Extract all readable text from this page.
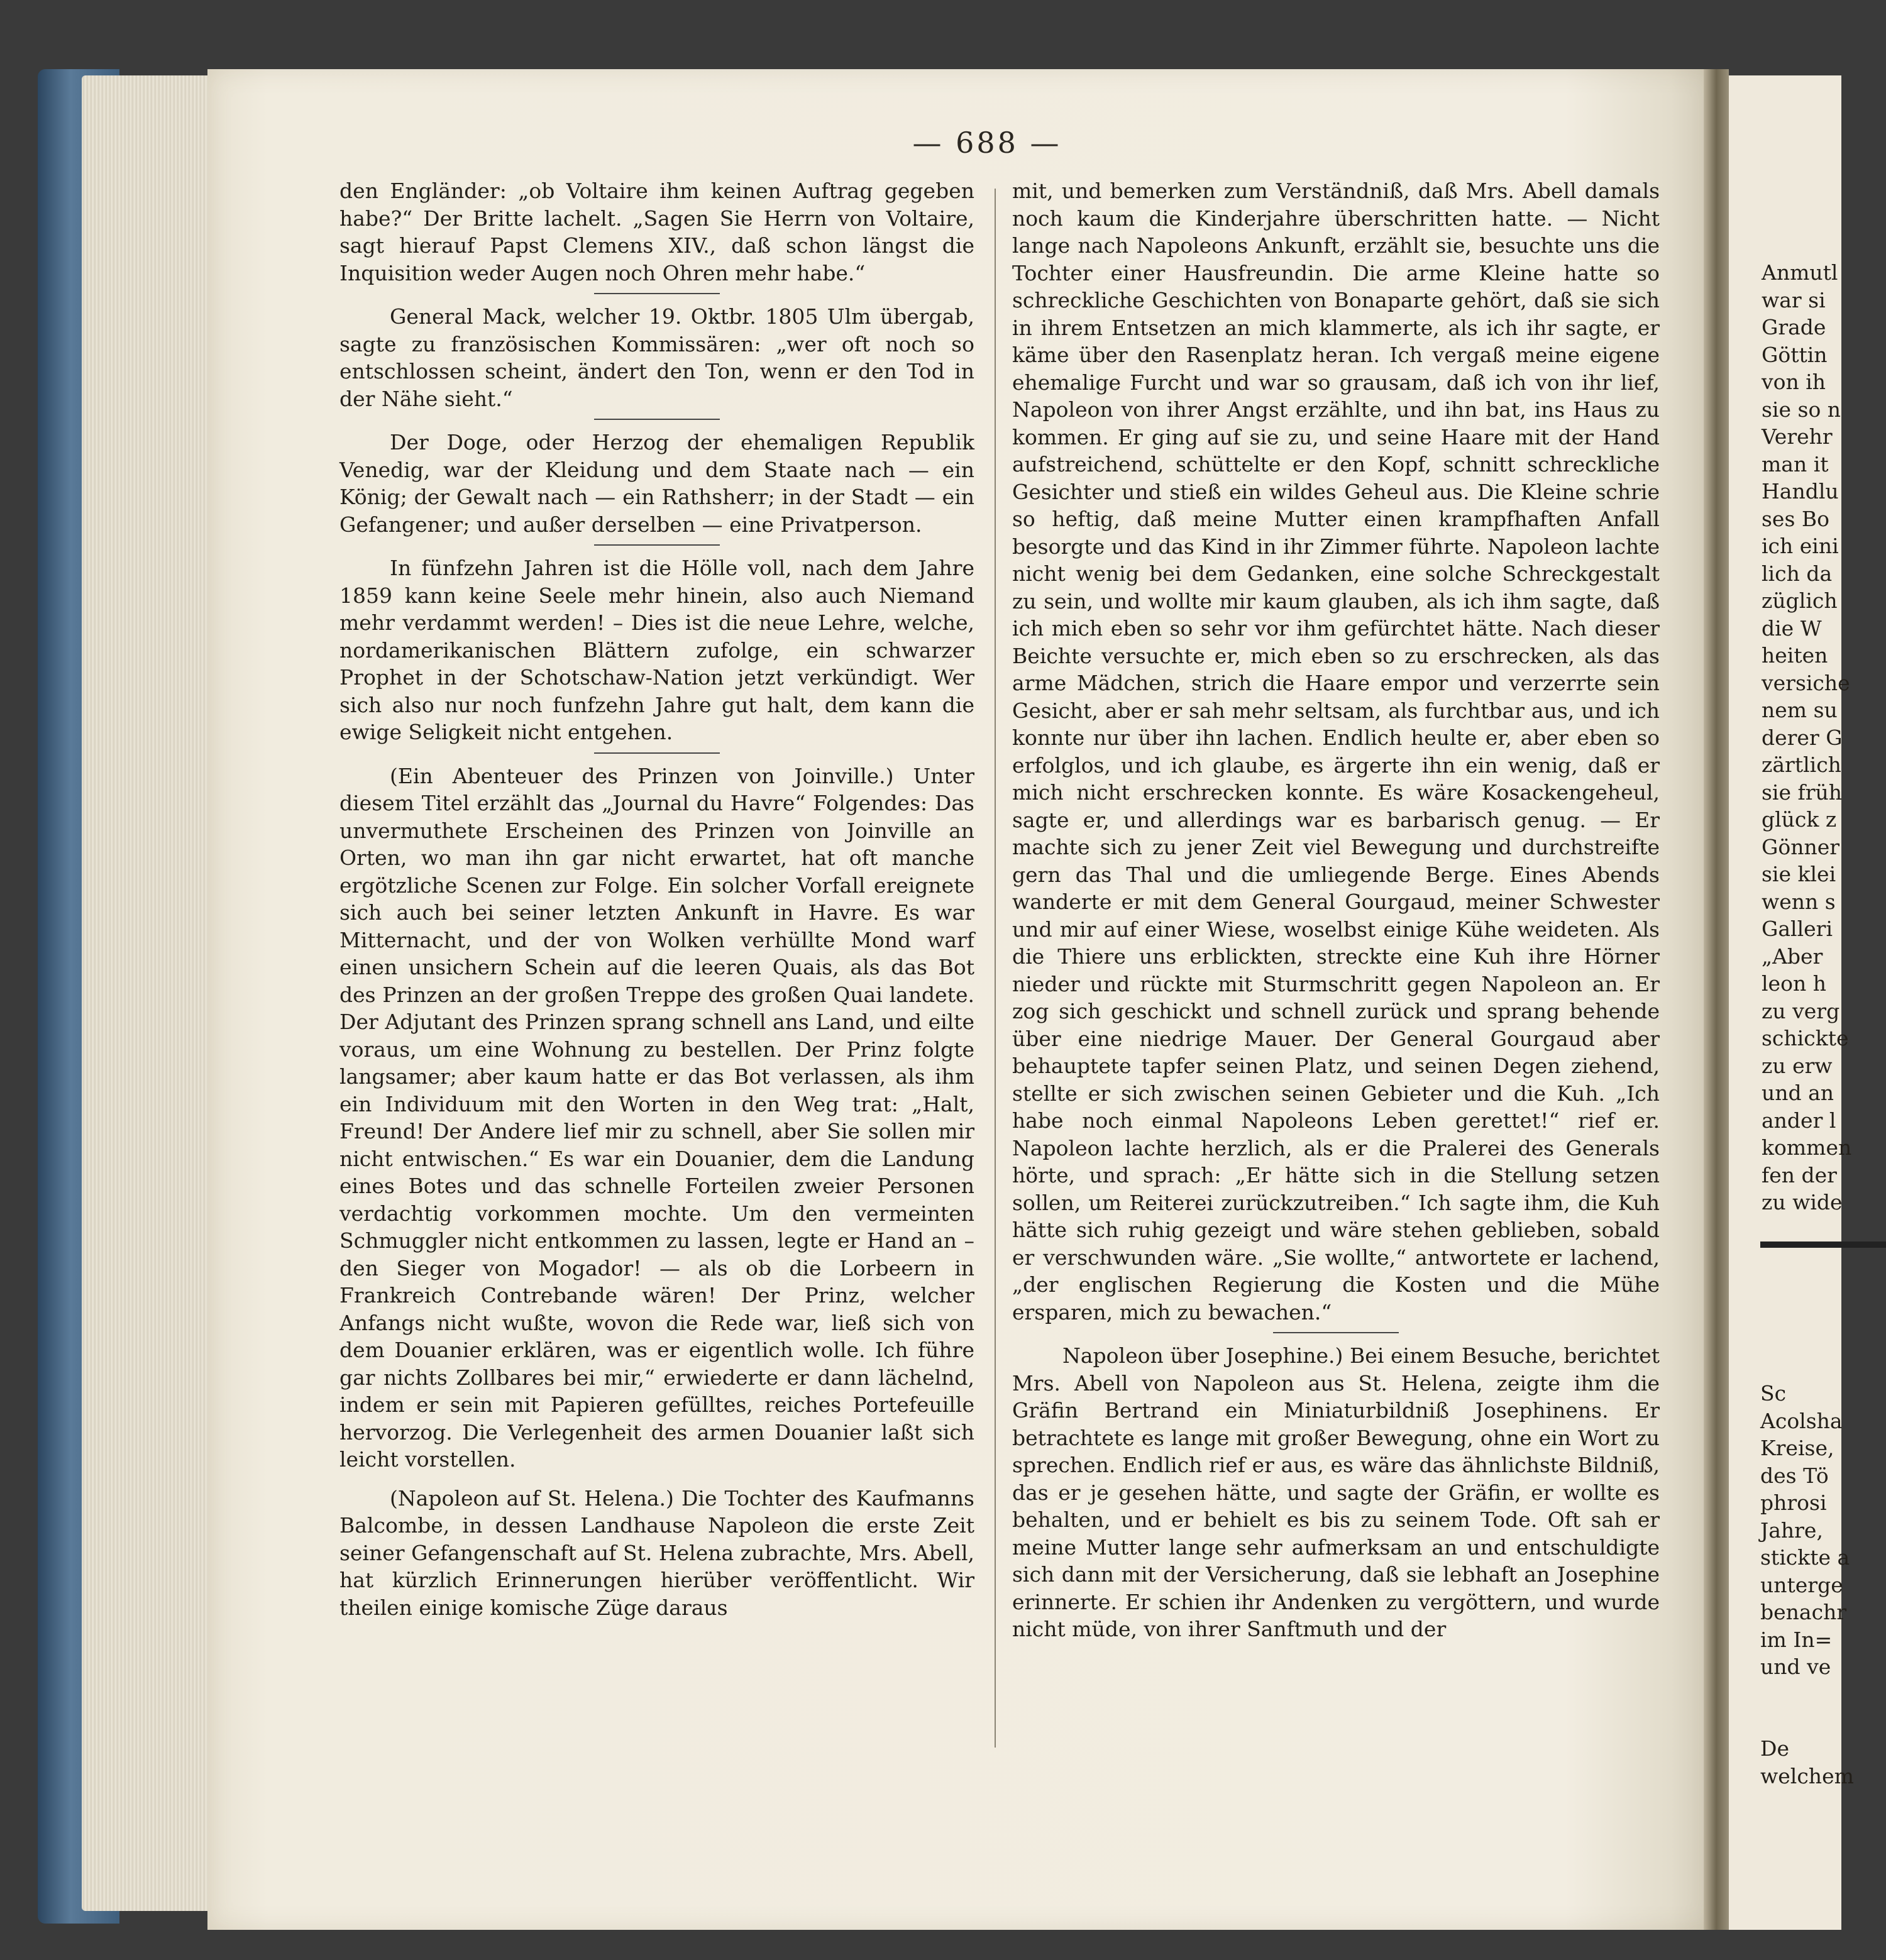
Anmutl
war si
Grade
Göttin
von ih
sie so n
Verehr
man it
Handlu
ses Bo
ich eini
lich da
züglich
die W
heiten
versiche
nem su
derer G
zärtlich
sie früh
glück z
Gönner
sie klei
wenn s
Galleri
„Aber
leon h
zu verg
schickte
zu erw
und an
ander l
kommen
fen der
zu wide
Sc
Acolsha
Kreise,
des Tö
phrosi
Jahre,
stickte a
unterge
benachr
im In=
und ve
De
welchem
— 688 —

den Engländer: „ob Voltaire ihm keinen Auftrag gegeben habe?“ Der Britte lachelt. „Sagen Sie Herrn von Voltaire, sagt hierauf Papst Clemens XIV., daß schon längst die Inquisition weder Augen noch Ohren mehr habe.“

General Mack, welcher 19. Oktbr. 1805 Ulm übergab, sagte zu französischen Kommissären: „wer oft noch so entschlossen scheint, ändert den Ton, wenn er den Tod in der Nähe sieht.“

Der Doge, oder Herzog der ehemaligen Republik Venedig, war der Kleidung und dem Staate nach — ein König; der Gewalt nach — ein Rathsherr; in der Stadt — ein Gefangener; und außer derselben — eine Privatperson.

In fünfzehn Jahren ist die Hölle voll, nach dem Jahre 1859 kann keine Seele mehr hinein, also auch Niemand mehr verdammt werden! – Dies ist die neue Lehre, welche, nordamerikanischen Blättern zufolge, ein schwarzer Prophet in der Schotschaw-Nation jetzt verkündigt. Wer sich also nur noch funfzehn Jahre gut halt, dem kann die ewige Seligkeit nicht entgehen.

(Ein Abenteuer des Prinzen von Joinville.) Unter diesem Titel erzählt das „Journal du Havre“ Folgendes: Das unvermuthete Erscheinen des Prinzen von Joinville an Orten, wo man ihn gar nicht erwartet, hat oft manche ergötzliche Scenen zur Folge. Ein solcher Vorfall ereignete sich auch bei seiner letzten Ankunft in Havre. Es war Mitternacht, und der von Wolken verhüllte Mond warf einen unsichern Schein auf die leeren Quais, als das Bot des Prinzen an der großen Treppe des großen Quai landete. Der Adjutant des Prinzen sprang schnell ans Land, und eilte voraus, um eine Wohnung zu bestellen. Der Prinz folgte langsamer; aber kaum hatte er das Bot verlassen, als ihm ein Individuum mit den Worten in den Weg trat: „Halt, Freund! Der Andere lief mir zu schnell, aber Sie sollen mir nicht entwischen.“ Es war ein Douanier, dem die Landung eines Botes und das schnelle Forteilen zweier Personen verdachtig vorkommen mochte. Um den vermeinten Schmuggler nicht entkommen zu lassen, legte er Hand an – den Sieger von Mogador! — als ob die Lorbeern in Frankreich Contrebande wären! Der Prinz, welcher Anfangs nicht wußte, wovon die Rede war, ließ sich von dem Douanier erklären, was er eigentlich wolle. Ich führe gar nichts Zollbares bei mir,“ erwiederte er dann lächelnd, indem er sein mit Papieren gefülltes, reiches Portefeuille hervorzog. Die Verlegenheit des armen Douanier laßt sich leicht vorstellen.

(Napoleon auf St. Helena.) Die Tochter des Kaufmanns Balcombe, in dessen Landhause Napoleon die erste Zeit seiner Gefangenschaft auf St. Helena zubrachte, Mrs. Abell, hat kürzlich Erinnerungen hierüber veröffentlicht. Wir theilen einige komische Züge daraus

mit, und bemerken zum Verständniß, daß Mrs. Abell damals noch kaum die Kinderjahre überschritten hatte. — Nicht lange nach Napoleons Ankunft, erzählt sie, besuchte uns die Tochter einer Hausfreundin. Die arme Kleine hatte so schreckliche Geschichten von Bonaparte gehört, daß sie sich in ihrem Entsetzen an mich klammerte, als ich ihr sagte, er käme über den Rasenplatz heran. Ich vergaß meine eigene ehemalige Furcht und war so grausam, daß ich von ihr lief, Napoleon von ihrer Angst erzählte, und ihn bat, ins Haus zu kommen. Er ging auf sie zu, und seine Haare mit der Hand aufstreichend, schüttelte er den Kopf, schnitt schreckliche Gesichter und stieß ein wildes Geheul aus. Die Kleine schrie so heftig, daß meine Mutter einen krampfhaften Anfall besorgte und das Kind in ihr Zimmer führte. Napoleon lachte nicht wenig bei dem Gedanken, eine solche Schreckgestalt zu sein, und wollte mir kaum glauben, als ich ihm sagte, daß ich mich eben so sehr vor ihm gefürchtet hätte. Nach dieser Beichte versuchte er, mich eben so zu erschrecken, als das arme Mädchen, strich die Haare empor und verzerrte sein Gesicht, aber er sah mehr seltsam, als furchtbar aus, und ich konnte nur über ihn lachen. Endlich heulte er, aber eben so erfolglos, und ich glaube, es ärgerte ihn ein wenig, daß er mich nicht erschrecken konnte. Es wäre Kosackengeheul, sagte er, und allerdings war es barbarisch genug. — Er machte sich zu jener Zeit viel Bewegung und durchstreifte gern das Thal und die umliegende Berge. Eines Abends wanderte er mit dem General Gourgaud, meiner Schwester und mir auf einer Wiese, woselbst einige Kühe weideten. Als die Thiere uns erblickten, streckte eine Kuh ihre Hörner nieder und rückte mit Sturmschritt gegen Napoleon an. Er zog sich geschickt und schnell zurück und sprang behende über eine niedrige Mauer. Der General Gourgaud aber behauptete tapfer seinen Platz, und seinen Degen ziehend, stellte er sich zwischen seinen Gebieter und die Kuh. „Ich habe noch einmal Napoleons Leben gerettet!“ rief er. Napoleon lachte herzlich, als er die Pralerei des Generals hörte, und sprach: „Er hätte sich in die Stellung setzen sollen, um Reiterei zurückzutreiben.“ Ich sagte ihm, die Kuh hätte sich ruhig gezeigt und wäre stehen geblieben, sobald er verschwunden wäre. „Sie wollte,“ antwortete er lachend, „der englischen Regierung die Kosten und die Mühe ersparen, mich zu bewachen.“

Napoleon über Josephine.) Bei einem Besuche, berichtet Mrs. Abell von Napoleon aus St. Helena, zeigte ihm die Gräfin Bertrand ein Miniaturbildniß Josephinens. Er betrachtete es lange mit großer Bewegung, ohne ein Wort zu sprechen. Endlich rief er aus, es wäre das ähnlichste Bildniß, das er je gesehen hätte, und sagte der Gräfin, er wollte es behalten, und er behielt es bis zu seinem Tode. Oft sah er meine Mutter lange sehr aufmerksam an und entschuldigte sich dann mit der Versicherung, daß sie lebhaft an Josephine erinnerte. Er schien ihr Andenken zu vergöttern, und wurde nicht müde, von ihrer Sanftmuth und der
